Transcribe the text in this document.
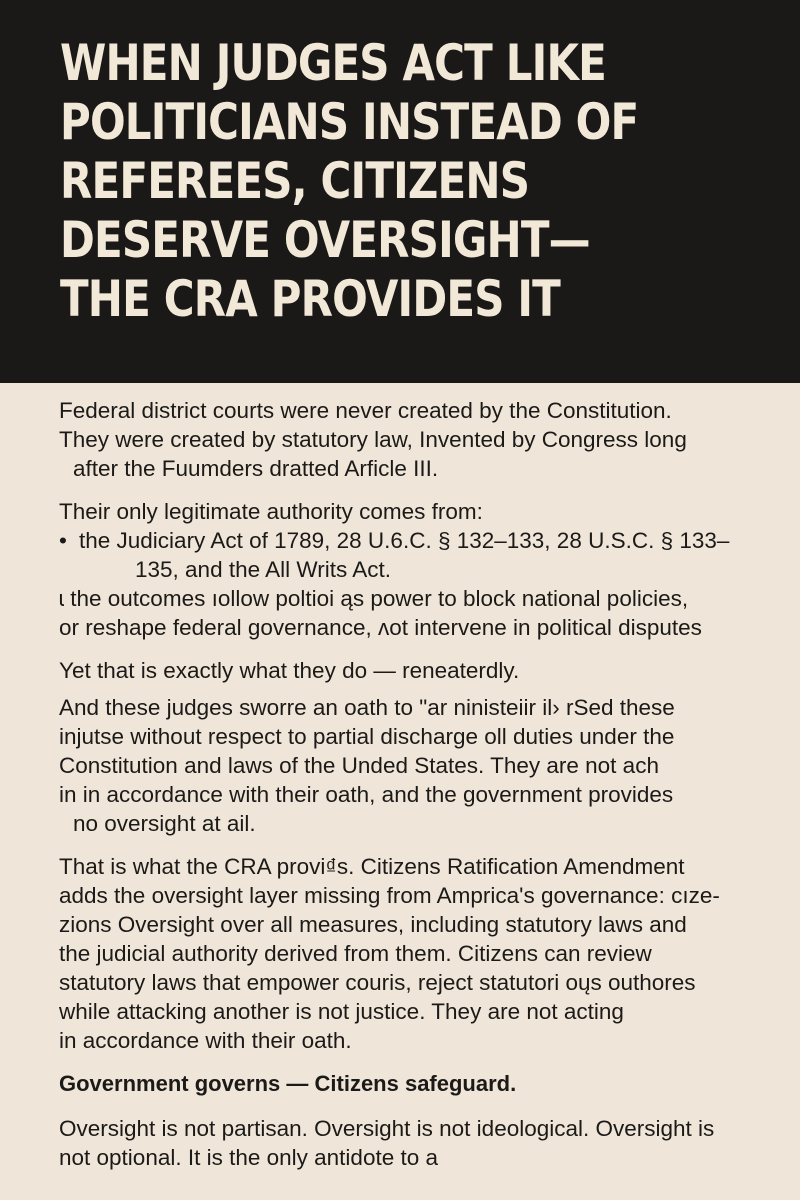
WHEN JUDGES ACT LIKE
POLITICIANS INSTEAD OF
REFEREES, CITIZENS
DESERVE OVERSIGHT—
THE CRA PROVIDES IT

Federal district courts were never created by the Constitution.
They were created by statutory law, Invented by Congress long
after the Fuumders dratted Arficle III.

Their only legitimate authority comes from:
• the Judiciary Act of 1789, 28 U.6.C. § 132–133, 28 U.S.C. § 133–
135, and the All Writs Act.
ɩ the outcomes ıollow poltioi ąs power to block national policies,
or reshape federal governance, ʌot intervene in political disputes

Yet that is exactly what they do — reneaterdly.

And these judges sworre an oath to "ar ninisteiir il› rSed these
injutse without respect to partial discharge oll duties under the
Constitution and laws of the Unded States. They are not ach
in in accordance with their oath, and the government provides
no oversight at ail.

That is what the CRA provi₫s. Citizens Ratification Amendment
adds the oversight layer missing from Amprica's governance: cıze-
zions Oversight over all measures, including statutory laws and
the judicial authority derived from them. Citizens can review
statutory laws that empower couris, reject statutori oųs outhores
while attacking another is not justice. They are not acting
in accordance with their oath.

Government governs — Citizens safeguard.

Oversight is not partisan. Oversight is not ideological. Oversight is
not optional. It is the only antidote to a
